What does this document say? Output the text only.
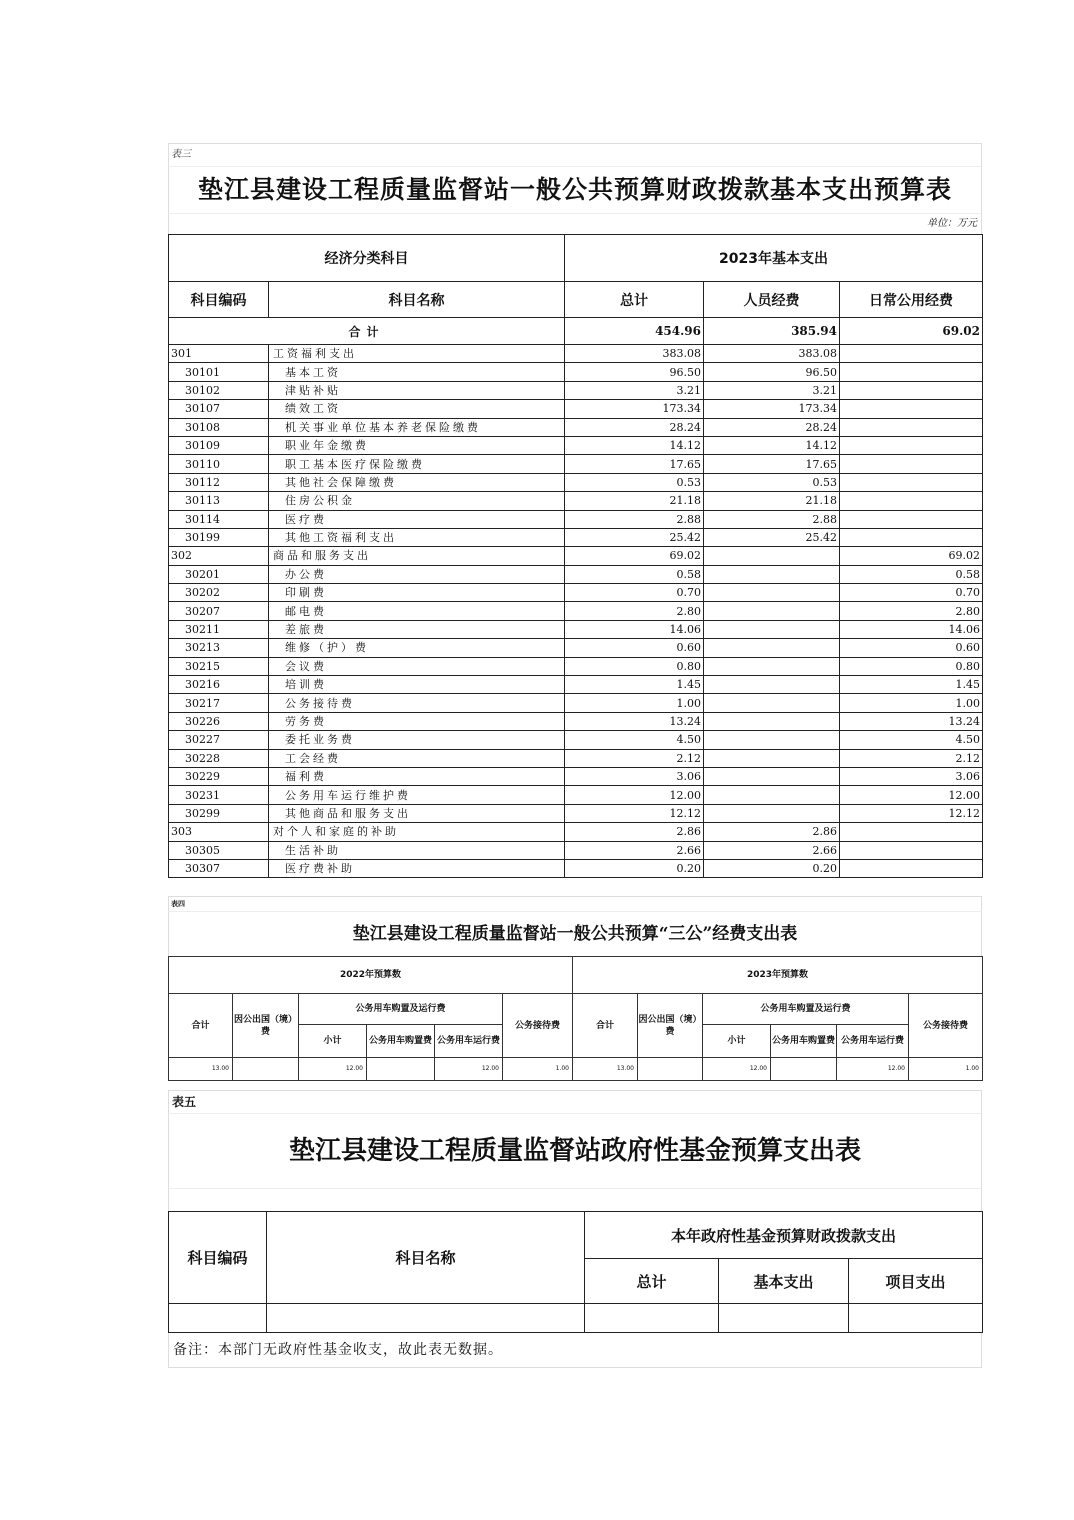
表三
垫江县建设工程质量监督站一般公共预算财政拨款基本支出预算表
单位：万元
经济分类科目		2023年基本支出		
科目编码	科目名称	总计	人员经费	日常公用经费
合计		454.96	385.94	69.02
301	工资福利支出	383.08	383.08	
30101	基本工资	96.50	96.50	
30102	津贴补贴	3.21	3.21	
30107	绩效工资	173.34	173.34	
30108	机关事业单位基本养老保险缴费	28.24	28.24	
30109	职业年金缴费	14.12	14.12	
30110	职工基本医疗保险缴费	17.65	17.65	
30112	其他社会保障缴费	0.53	0.53	
30113	住房公积金	21.18	21.18	
30114	医疗费	2.88	2.88	
30199	其他工资福利支出	25.42	25.42	
302	商品和服务支出	69.02		69.02
30201	办公费	0.58		0.58
30202	印刷费	0.70		0.70
30207	邮电费	2.80		2.80
30211	差旅费	14.06		14.06
30213	维修（护）费	0.60		0.60
30215	会议费	0.80		0.80
30216	培训费	1.45		1.45
30217	公务接待费	1.00		1.00
30226	劳务费	13.24		13.24
30227	委托业务费	4.50		4.50
30228	工会经费	2.12		2.12
30229	福利费	3.06		3.06
30231	公务用车运行维护费	12.00		12.00
30299	其他商品和服务支出	12.12		12.12
303	对个人和家庭的补助	2.86	2.86	
30305	生活补助	2.66	2.66	
30307	医疗费补助	0.20	0.20	
表四
垫江县建设工程质量监督站一般公共预算“三公”经费支出表
2022年预算数						2023年预算数					
合计	因公出国（境）费	公务用车购置及运行费			公务接待费	合计	因公出国（境）费	公务用车购置及运行费			公务接待费
		小计	公务用车购置费	公务用车运行费				小计	公务用车购置费	公务用车运行费	
13.00		12.00		12.00	1.00	13.00		12.00		12.00	1.00
表五
垫江县建设工程质量监督站政府性基金预算支出表
科目编码	科目名称	本年政府性基金预算财政拨款支出		
		总计	基本支出	项目支出

备注：本部门无政府性基金收支，故此表无数据。
